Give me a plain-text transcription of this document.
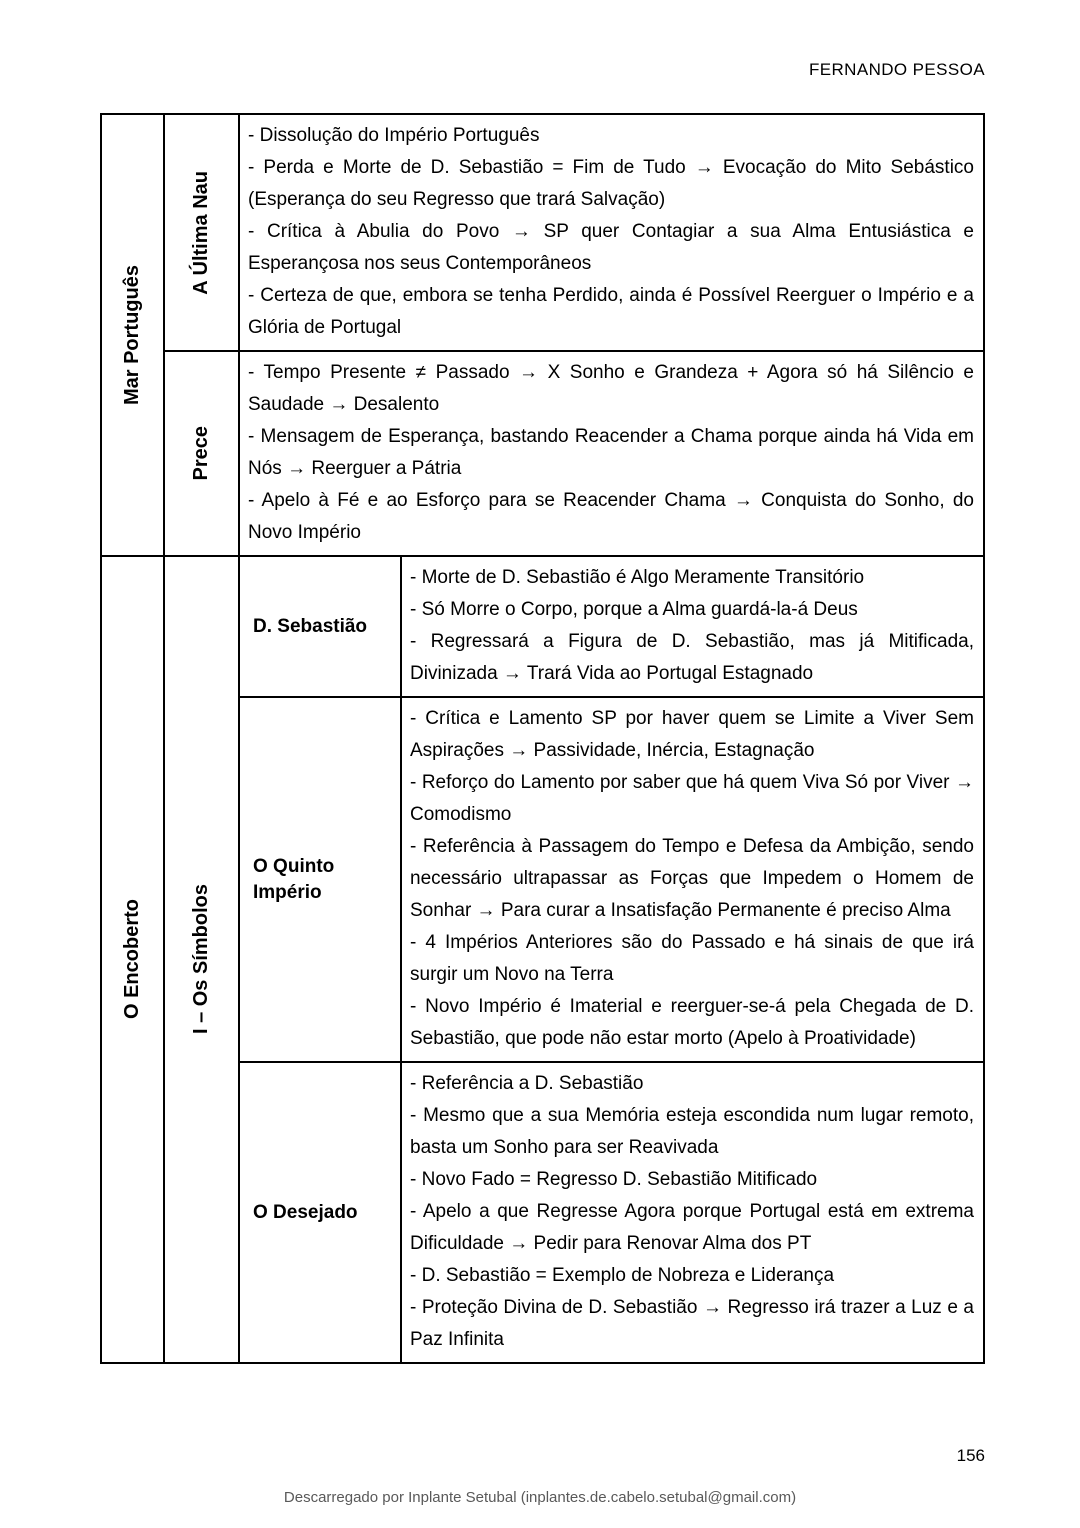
FERNANDO PESSOA
Mar Português
A Última Nau

- Dissolução do Império Português

- Perda e Morte de D. Sebastião = Fim de Tudo → Evocação do Mito Sebástico (Esperança do seu Regresso que trará Salvação)

- Crítica à Abulia do Povo → SP quer Contagiar a sua Alma Entusiástica e Esperançosa nos seus Contemporâneos

- Certeza de que, embora se tenha Perdido, ainda é Possível Reerguer o Império e a Glória de Portugal

Prece

- Tempo Presente ≠ Passado → X Sonho e Grandeza + Agora só há Silêncio e Saudade → Desalento

- Mensagem de Esperança, bastando Reacender a Chama porque ainda há Vida em Nós → Reerguer a Pátria

- Apelo à Fé e ao Esforço para se Reacender Chama → Conquista do Sonho, do Novo Império

O Encoberto I – Os Símbolos
D. Sebastião

- Morte de D. Sebastião é Algo Meramente Transitório

- Só Morre o Corpo, porque a Alma guardá-la-á Deus

- Regressará a Figura de D. Sebastião, mas já Mitificada, Divinizada → Trará Vida ao Portugal Estagnado

O Quinto Império

- Crítica e Lamento SP por haver quem se Limite a Viver Sem Aspirações → Passividade, Inércia, Estagnação

- Reforço do Lamento por saber que há quem Viva Só por Viver → Comodismo

- Referência à Passagem do Tempo e Defesa da Ambição, sendo necessário ultrapassar as Forças que Impedem o Homem de Sonhar → Para curar a Insatisfação Permanente é preciso Alma

- 4 Impérios Anteriores são do Passado e há sinais de que irá surgir um Novo na Terra

- Novo Império é Imaterial e reerguer-se-á pela Chegada de D. Sebastião, que pode não estar morto (Apelo à Proatividade)

O Desejado

- Referência a D. Sebastião

- Mesmo que a sua Memória esteja escondida num lugar remoto, basta um Sonho para ser Reavivada

- Novo Fado = Regresso D. Sebastião Mitificado

- Apelo a que Regresse Agora porque Portugal está em extrema Dificuldade → Pedir para Renovar Alma dos PT

- D. Sebastião = Exemplo de Nobreza e Liderança

- Proteção Divina de D. Sebastião → Regresso irá trazer a Luz e a Paz Infinita

156
Descarregado por Inplante Setubal (inplantes.de.cabelo.setubal@gmail.com)
